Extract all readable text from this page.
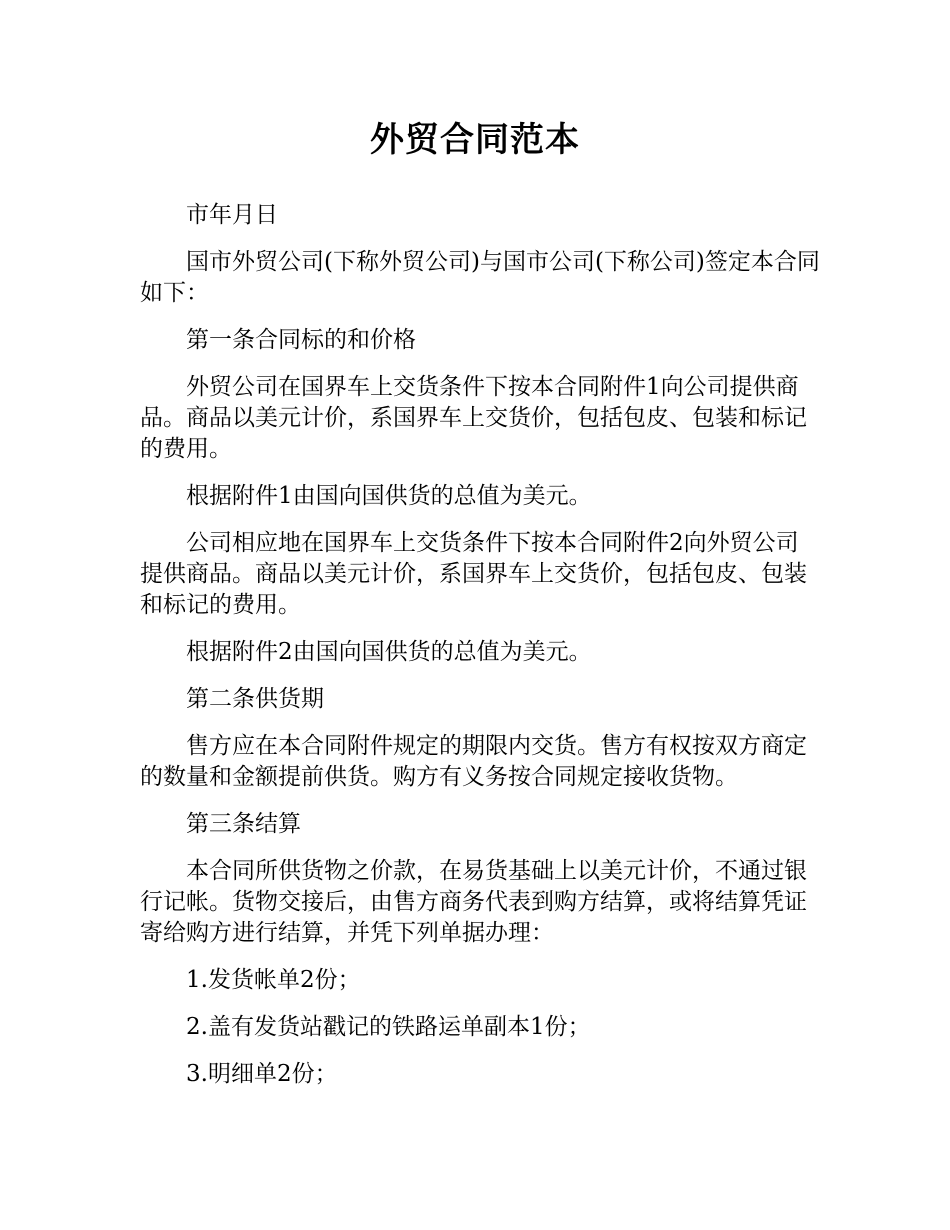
外贸合同范本

市年月日

国市外贸公司(下称外贸公司)与国市公司(下称公司)签定本合同如下：

第一条合同标的和价格

外贸公司在国界车上交货条件下按本合同附件1向公司提供商品。商品以美元计价，系国界车上交货价，包括包皮、包装和标记的费用。

根据附件1由国向国供货的总值为美元。

公司相应地在国界车上交货条件下按本合同附件2向外贸公司提供商品。商品以美元计价，系国界车上交货价，包括包皮、包装和标记的费用。

根据附件2由国向国供货的总值为美元。

第二条供货期

售方应在本合同附件规定的期限内交货。售方有权按双方商定的数量和金额提前供货。购方有义务按合同规定接收货物。

第三条结算

本合同所供货物之价款，在易货基础上以美元计价，不通过银行记帐。货物交接后，由售方商务代表到购方结算，或将结算凭证寄给购方进行结算，并凭下列单据办理：

1.发货帐单2份；

2.盖有发货站戳记的铁路运单副本1份；

3.明细单2份；
